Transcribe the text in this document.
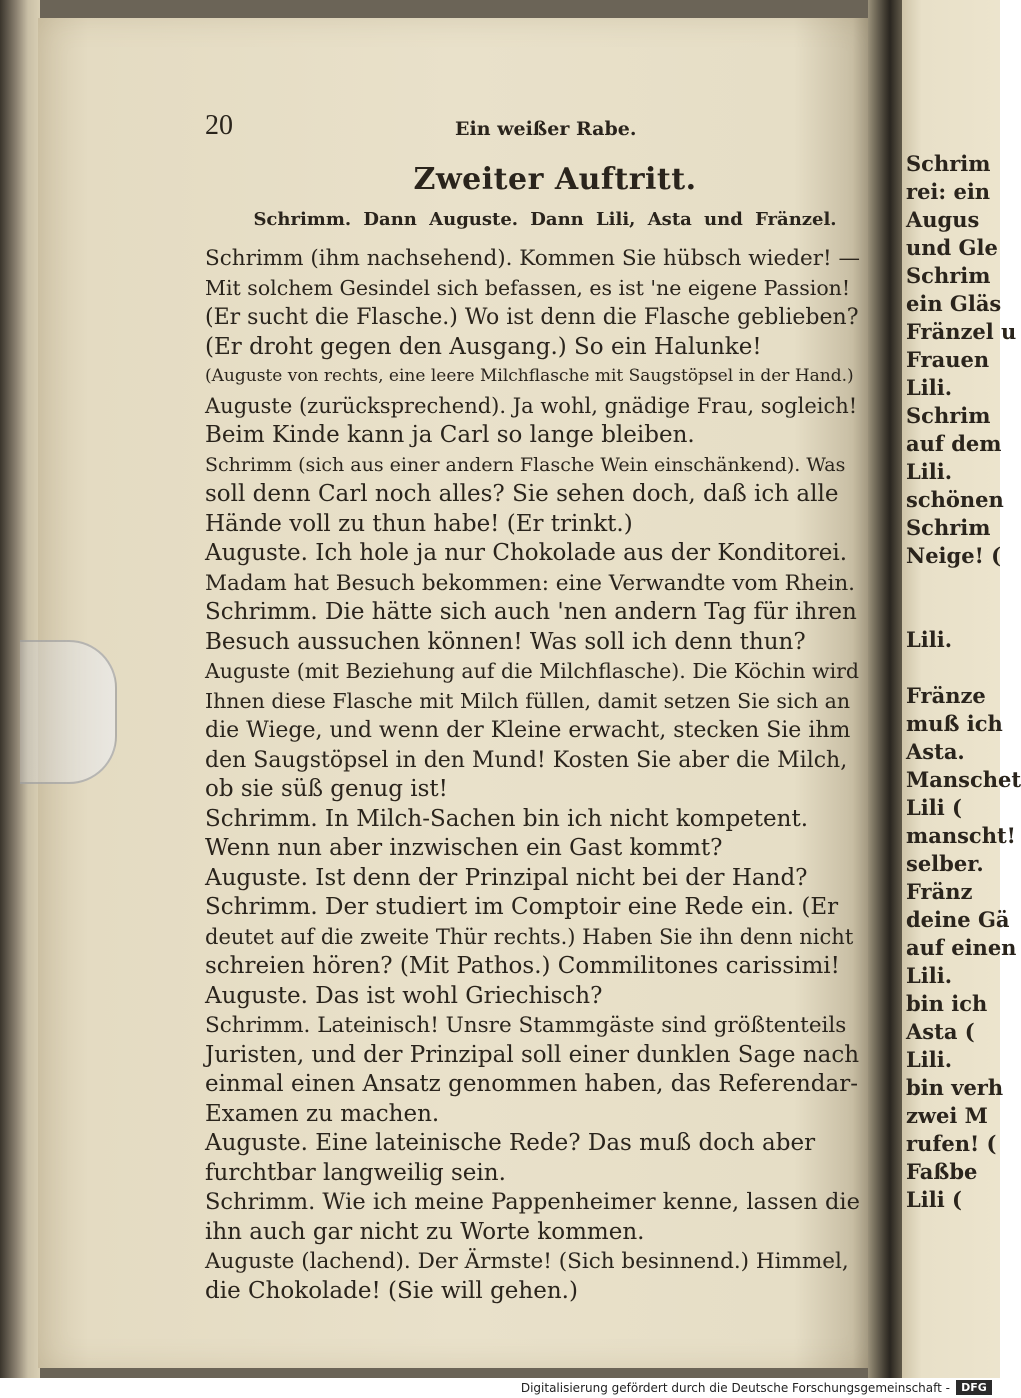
20	Ein weißer Rabe.
Zweiter Auftritt.
Schrimm. Dann Auguste. Dann Lili, Asta und Fränzel.
Schrimm (ihm nachsehend). Kommen Sie hübsch wieder! —
Mit solchem Gesindel sich befassen, es ist 'ne eigene Passion!
(Er sucht die Flasche.) Wo ist denn die Flasche geblieben?
(Er droht gegen den Ausgang.) So ein Halunke!
(Auguste von rechts, eine leere Milchflasche mit Saugstöpsel in der Hand.)
Auguste (zurücksprechend). Ja wohl, gnädige Frau, sogleich!
Beim Kinde kann ja Carl so lange bleiben.
Schrimm (sich aus einer andern Flasche Wein einschänkend). Was
soll denn Carl noch alles? Sie sehen doch, daß ich alle
Hände voll zu thun habe! (Er trinkt.)
Auguste. Ich hole ja nur Chokolade aus der Konditorei.
Madam hat Besuch bekommen: eine Verwandte vom Rhein.
Schrimm. Die hätte sich auch 'nen andern Tag für ihren
Besuch aussuchen können! Was soll ich denn thun?
Auguste (mit Beziehung auf die Milchflasche). Die Köchin wird
Ihnen diese Flasche mit Milch füllen, damit setzen Sie sich an
die Wiege, und wenn der Kleine erwacht, stecken Sie ihm
den Saugstöpsel in den Mund! Kosten Sie aber die Milch,
ob sie süß genug ist!
Schrimm. In Milch-Sachen bin ich nicht kompetent.
Wenn nun aber inzwischen ein Gast kommt?
Auguste. Ist denn der Prinzipal nicht bei der Hand?
Schrimm. Der studiert im Comptoir eine Rede ein. (Er
deutet auf die zweite Thür rechts.) Haben Sie ihn denn nicht
schreien hören? (Mit Pathos.) Commilitones carissimi!
Auguste. Das ist wohl Griechisch?
Schrimm. Lateinisch! Unsre Stammgäste sind größtenteils
Juristen, und der Prinzipal soll einer dunklen Sage nach
einmal einen Ansatz genommen haben, das Referendar-
Examen zu machen.
Auguste. Eine lateinische Rede? Das muß doch aber
furchtbar langweilig sein.
Schrimm. Wie ich meine Pappenheimer kenne, lassen die
ihn auch gar nicht zu Worte kommen.
Auguste (lachend). Der Ärmste! (Sich besinnend.) Himmel,
die Chokolade! (Sie will gehen.)
Schrim
rei: ein
Augus
und Gle
Schrim
ein Gläs
Fränzel u
Frauen
Lili.
Schrim
auf dem
Lili.
schönen
Schrim
Neige! (
Lili.
Fränze
muß ich
Asta.
Manschet
Lili (
manscht!
selber.
Fränz
deine Gä
auf einen
Lili.
bin ich
Asta (
Lili.
bin verh
zwei M
rufen! (
Faßbe
Lili (
Digitalisierung gefördert durch die Deutsche Forschungsgemeinschaft -	DFG
